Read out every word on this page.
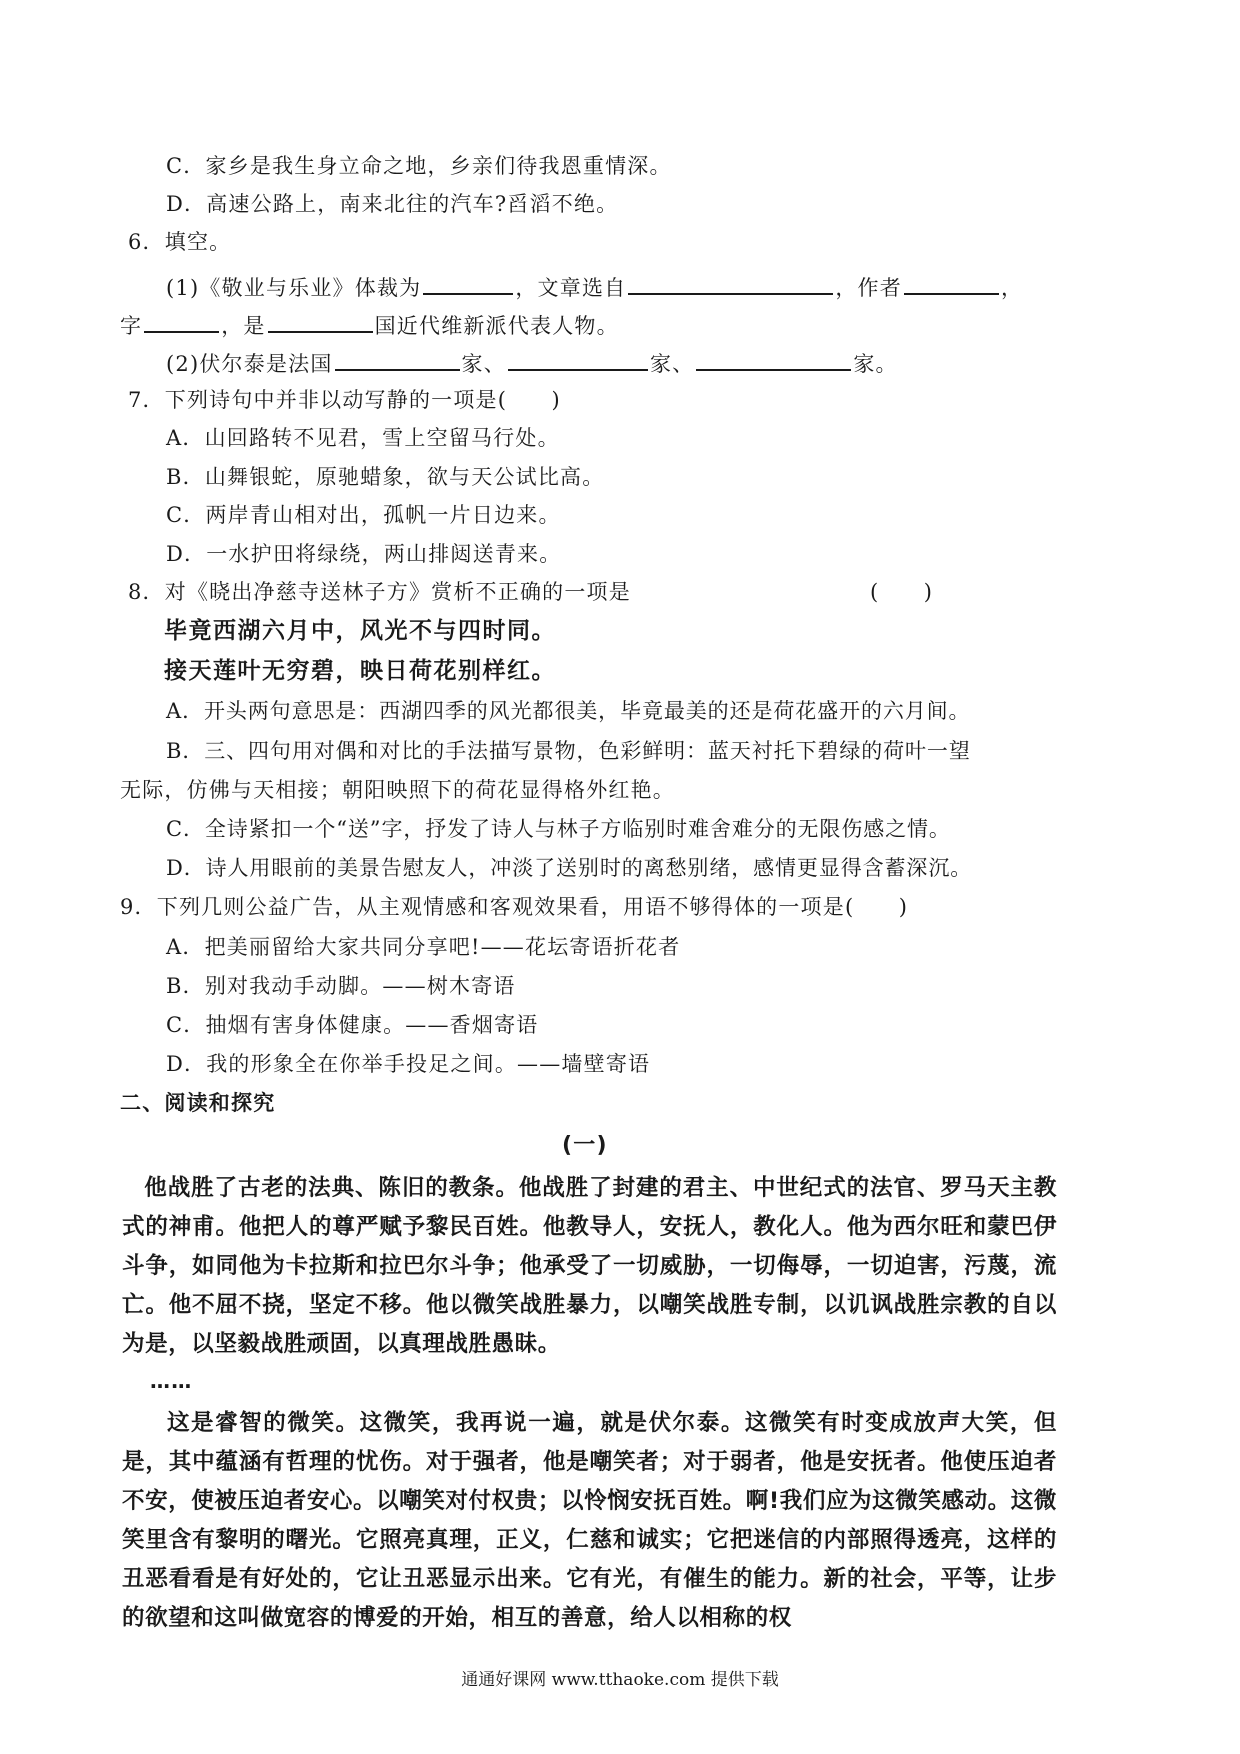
C．家乡是我生身立命之地，乡亲们待我恩重情深。
D．高速公路上，南来北往的汽车?舀滔不绝。
6．填空。
(1)《敬业与乐业》体裁为	，文章选自	，作者	，
字	，是	国近代维新派代表人物。
(2)伏尔泰是法国	家、	家、	家。
7．下列诗句中并非以动写静的一项是(　　)
A．山回路转不见君，雪上空留马行处。
B．山舞银蛇，原驰蜡象，欲与天公试比高。
C．两岸青山相对出，孤帆一片日边来。
D．一水护田将绿绕，两山排闼送青来。
8．对《晓出净慈寺送林子方》赏析不正确的一项是	(　　)
毕竟西湖六月中，风光不与四时同。
接天莲叶无穷碧，映日荷花别样红。
A．开头两句意思是：西湖四季的风光都很美，毕竟最美的还是荷花盛开的六月间。
B．三、四句用对偶和对比的手法描写景物，色彩鲜明：蓝天衬托下碧绿的荷叶一望
无际，仿佛与天相接；朝阳映照下的荷花显得格外红艳。
C．全诗紧扣一个“送”字，抒发了诗人与林子方临别时难舍难分的无限伤感之情。
D．诗人用眼前的美景告慰友人，冲淡了送别时的离愁别绪，感情更显得含蓄深沉。
9．下列几则公益广告，从主观情感和客观效果看，用语不够得体的一项是(　　)
A．把美丽留给大家共同分享吧!——花坛寄语折花者
B．别对我动手动脚。——树木寄语
C．抽烟有害身体健康。——香烟寄语
D．我的形象全在你举手投足之间。——墙壁寄语
二、阅读和探究
(一)

他战胜了古老的法典、陈旧的教条。他战胜了封建的君主、中世纪式的法官、罗马天主教式的神甫。他把人的尊严赋予黎民百姓。他教导人，安抚人，教化人。他为西尔旺和蒙巴伊斗争，如同他为卡拉斯和拉巴尔斗争；他承受了一切威胁，一切侮辱，一切迫害，污蔑，流亡。他不屈不挠，坚定不移。他以微笑战胜暴力，以嘲笑战胜专制，以讥讽战胜宗教的自以为是，以坚毅战胜顽固，以真理战胜愚昧。

……

这是睿智的微笑。这微笑，我再说一遍，就是伏尔泰。这微笑有时变成放声大笑，但是，其中蕴涵有哲理的忧伤。对于强者，他是嘲笑者；对于弱者，他是安抚者。他使压迫者不安，使被压迫者安心。以嘲笑对付权贵；以怜悯安抚百姓。啊!我们应为这微笑感动。这微笑里含有黎明的曙光。它照亮真理，正义，仁慈和诚实；它把迷信的内部照得透亮，这样的丑恶看看是有好处的，它让丑恶显示出来。它有光，有催生的能力。新的社会，平等，让步的欲望和这叫做宽容的博爱的开始，相互的善意，给人以相称的权

通通好课网 www.tthaoke.com 提供下载
